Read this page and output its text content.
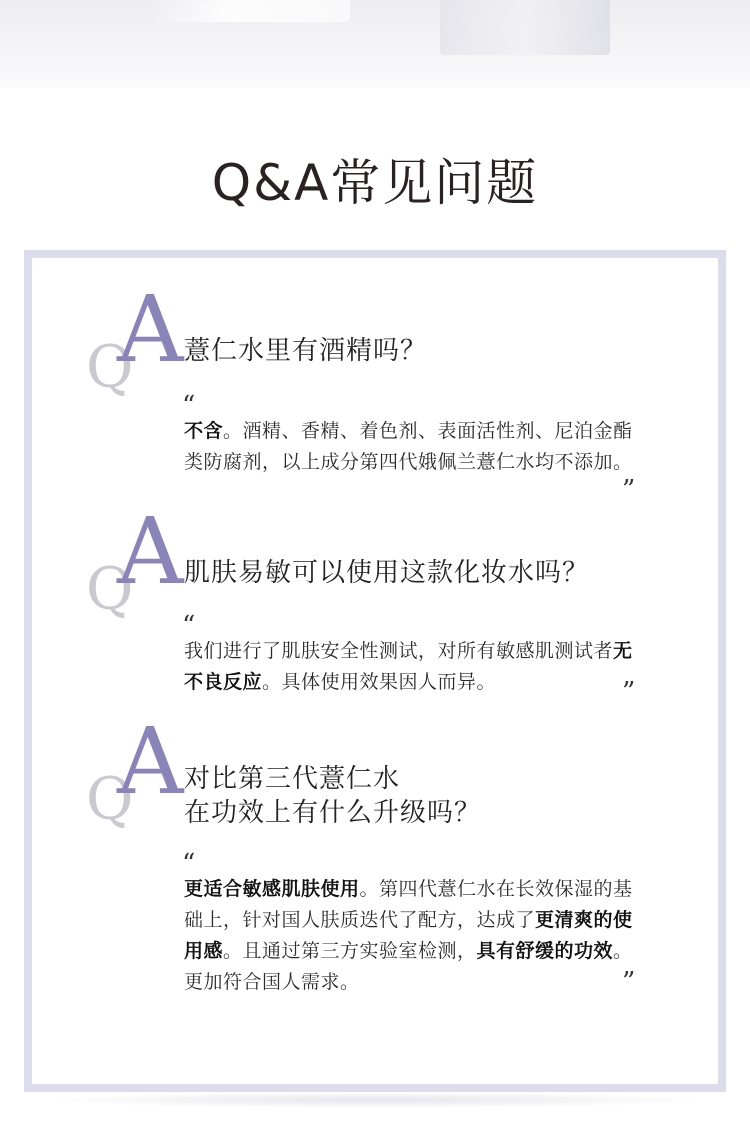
Q&A常见问题
Q
A 薏仁水里有酒精吗？
“
不含。酒精、香精、着色剂、表面活性剂、尼泊金酯类防腐剂，以上成分第四代娥佩兰薏仁水均不添加。
”
Q
A 肌肤易敏可以使用这款化妆水吗？
“
我们进行了肌肤安全性测试，对所有敏感肌测试者无不良反应。具体使用效果因人而异。	”
Q
A 对比第三代薏仁水
在功效上有什么升级吗？
“
更适合敏感肌肤使用。第四代薏仁水在长效保湿的基础上，针对国人肤质迭代了配方，达成了更清爽的使用感。且通过第三方实验室检测，具有舒缓的功效。更加符合国人需求。	”
